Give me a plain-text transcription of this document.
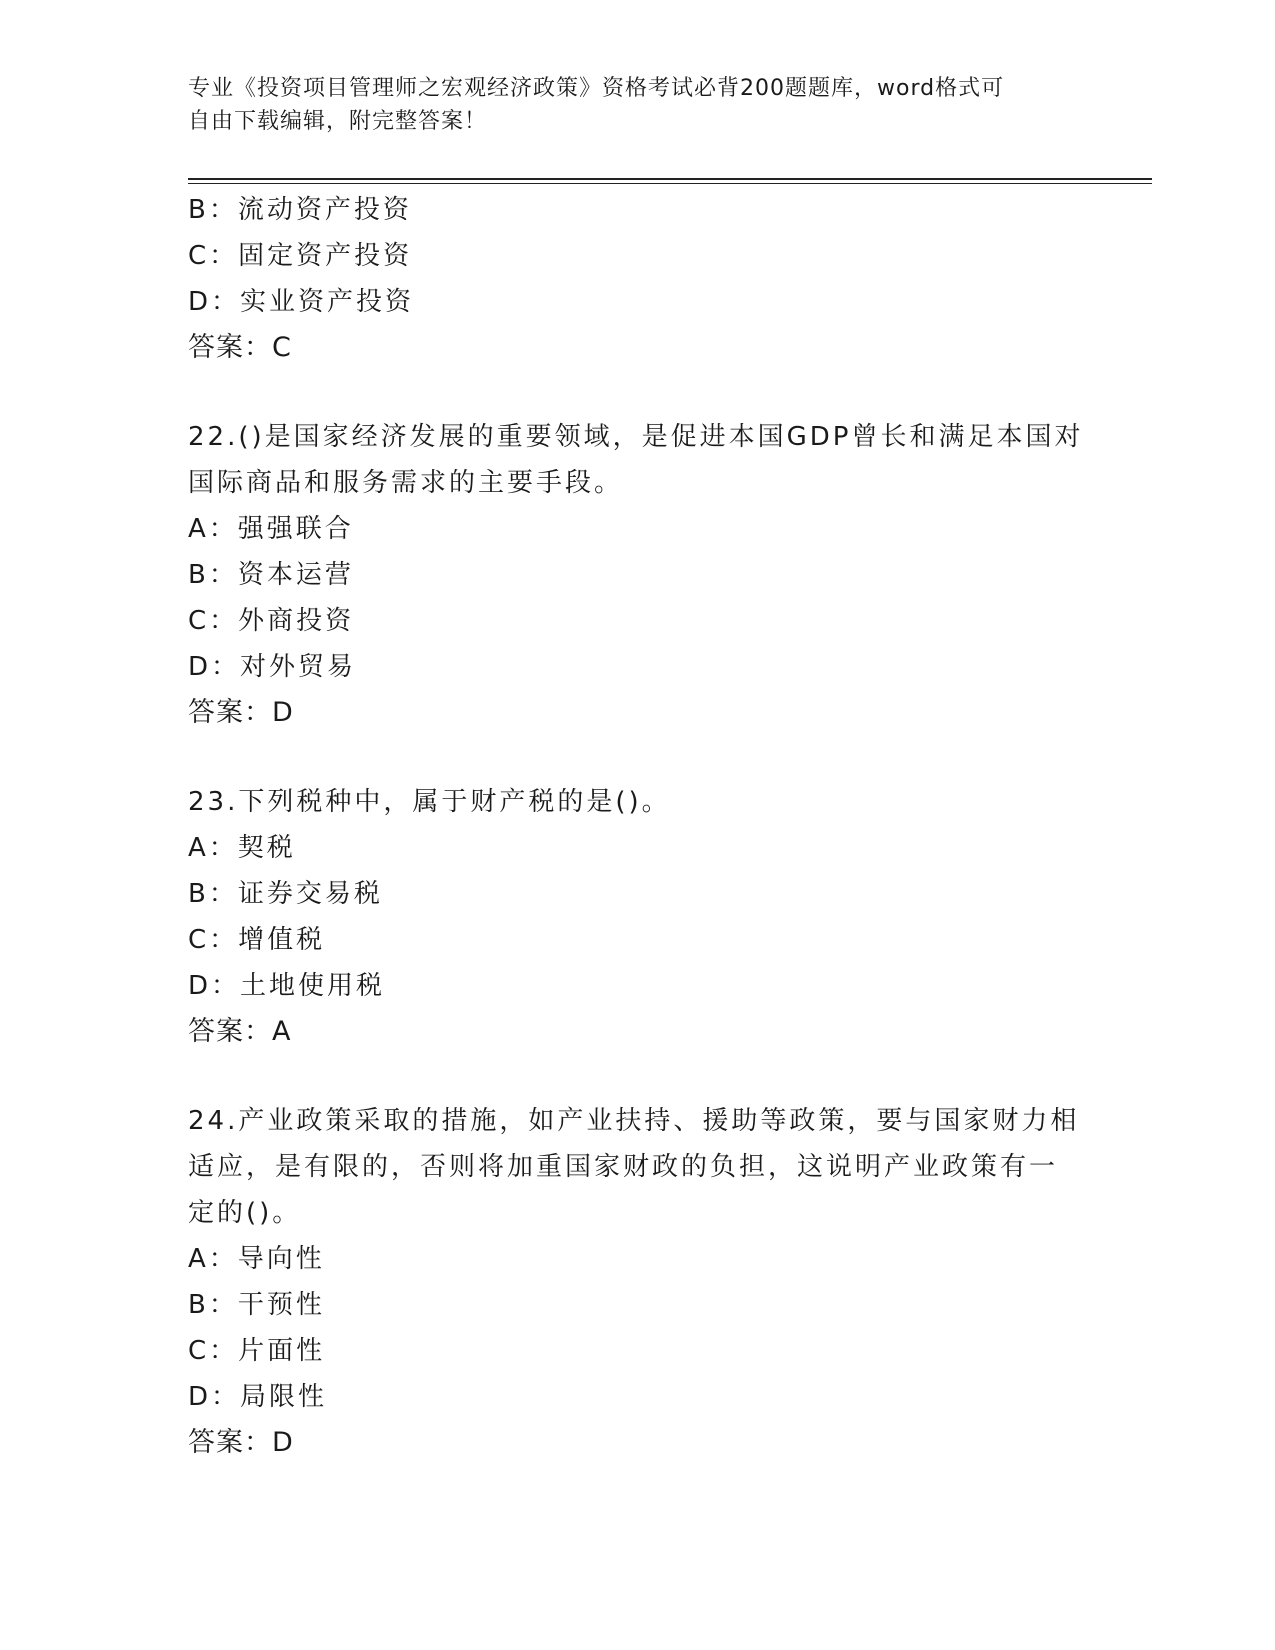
专业《投资项目管理师之宏观经济政策》资格考试必背200题题库，word格式可
自由下载编辑，附完整答案！
B：流动资产投资
C：固定资产投资
D：实业资产投资
答案：C
22.()是国家经济发展的重要领域，是促进本国GDP曾长和满足本国对
国际商品和服务需求的主要手段。
A：强强联合
B：资本运营
C：外商投资
D：对外贸易
答案：D
23.下列税种中，属于财产税的是()。
A：契税
B：证券交易税
C：增值税
D：土地使用税
答案：A
24.产业政策采取的措施，如产业扶持、援助等政策，要与国家财力相
适应，是有限的，否则将加重国家财政的负担，这说明产业政策有一
定的()。
A：导向性
B：干预性
C：片面性
D：局限性
答案：D
